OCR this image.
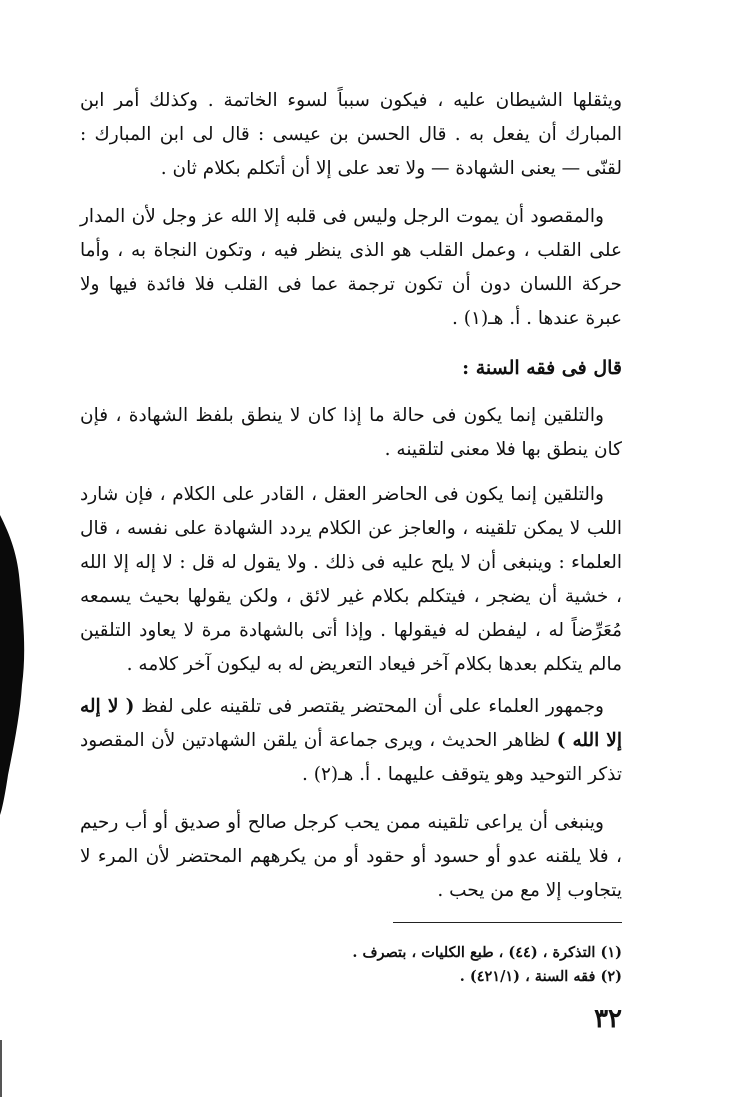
ويثقلها الشيطان عليه ، فيكون سبباً لسوء الخاتمة . وكذلك أمر ابن المبارك أن يفعل به . قال الحسن بن عيسى : قال لى ابن المبارك : لقنّى — يعنى الشهادة — ولا تعد على إلا أن أتكلم بكلام ثان .
والمقصود أن يموت الرجل وليس فى قلبه إلا الله عز وجل لأن المدار على القلب ، وعمل القلب هو الذى ينظر فيه ، وتكون النجاة به ، وأما حركة اللسان دون أن تكون ترجمة عما فى القلب فلا فائدة فيها ولا عبرة عندها . أ. هـ(١) .
قال فى فقه السنة :
والتلقين إنما يكون فى حالة ما إذا كان لا ينطق بلفظ الشهادة ، فإن كان ينطق بها فلا معنى لتلقينه .
والتلقين إنما يكون فى الحاضر العقل ، القادر على الكلام ، فإن شارد اللب لا يمكن تلقينه ، والعاجز عن الكلام يردد الشهادة على نفسه ، قال العلماء : وينبغى أن لا يلح عليه فى ذلك . ولا يقول له قل : لا إله إلا الله ، خشية أن يضجر ، فيتكلم بكلام غير لائق ، ولكن يقولها بحيث يسمعه مُعَرِّضاً له ، ليفطن له فيقولها . وإذا أتى بالشهادة مرة لا يعاود التلقين مالم يتكلم بعدها بكلام آخر فيعاد التعريض له به ليكون آخر كلامه .
وجمهور العلماء على أن المحتضر يقتصر فى تلقينه على لفظ ( لا إله إلا الله ) لظاهر الحديث ، ويرى جماعة أن يلقن الشهادتين لأن المقصود تذكر التوحيد وهو يتوقف عليهما . أ. هـ(٢) .
وينبغى أن يراعى تلقينه ممن يحب كرجل صالح أو صديق أو أب رحيم ، فلا يلقنه عدو أو حسود أو حقود أو من يكرههم المحتضر لأن المرء لا يتجاوب إلا مع من يحب .
(١) التذكرة ، (٤٤) ، طبع الكليات ، بتصرف .
(٢) فقه السنة ، (٤٢١/١) .
٣٢
